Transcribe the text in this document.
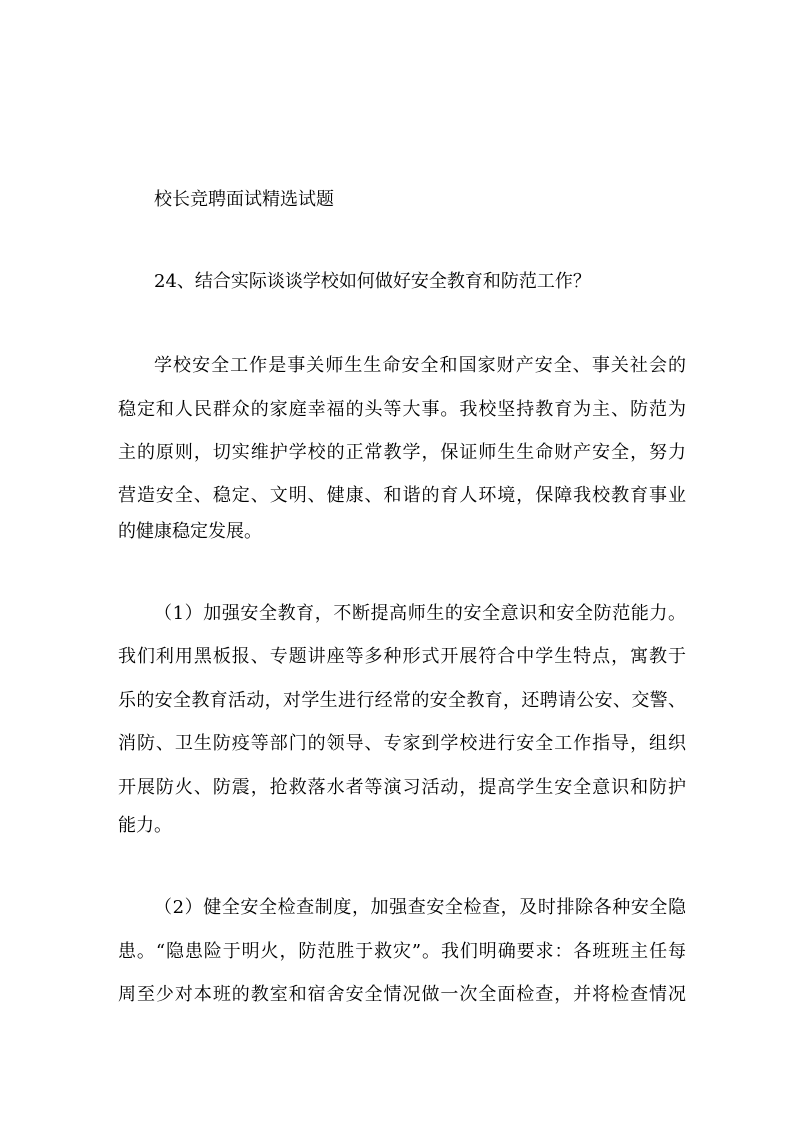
校长竞聘面试精选试题
24、结合实际谈谈学校如何做好安全教育和防范工作？
学校安全工作是事关师生生命安全和国家财产安全、事关社会的
稳定和人民群众的家庭幸福的头等大事。我校坚持教育为主、防范为
主的原则，切实维护学校的正常教学，保证师生生命财产安全，努力
营造安全、稳定、文明、健康、和谐的育人环境，保障我校教育事业
的健康稳定发展。
（1）加强安全教育，不断提高师生的安全意识和安全防范能力。
我们利用黑板报、专题讲座等多种形式开展符合中学生特点，寓教于
乐的安全教育活动，对学生进行经常的安全教育，还聘请公安、交警、
消防、卫生防疫等部门的领导、专家到学校进行安全工作指导，组织
开展防火、防震，抢救落水者等演习活动，提高学生安全意识和防护
能力。
（2）健全安全检查制度，加强查安全检查，及时排除各种安全隐
患。“隐患险于明火，防范胜于救灾”。我们明确要求：各班班主任每
周至少对本班的教室和宿舍安全情况做一次全面检查，并将检查情况
